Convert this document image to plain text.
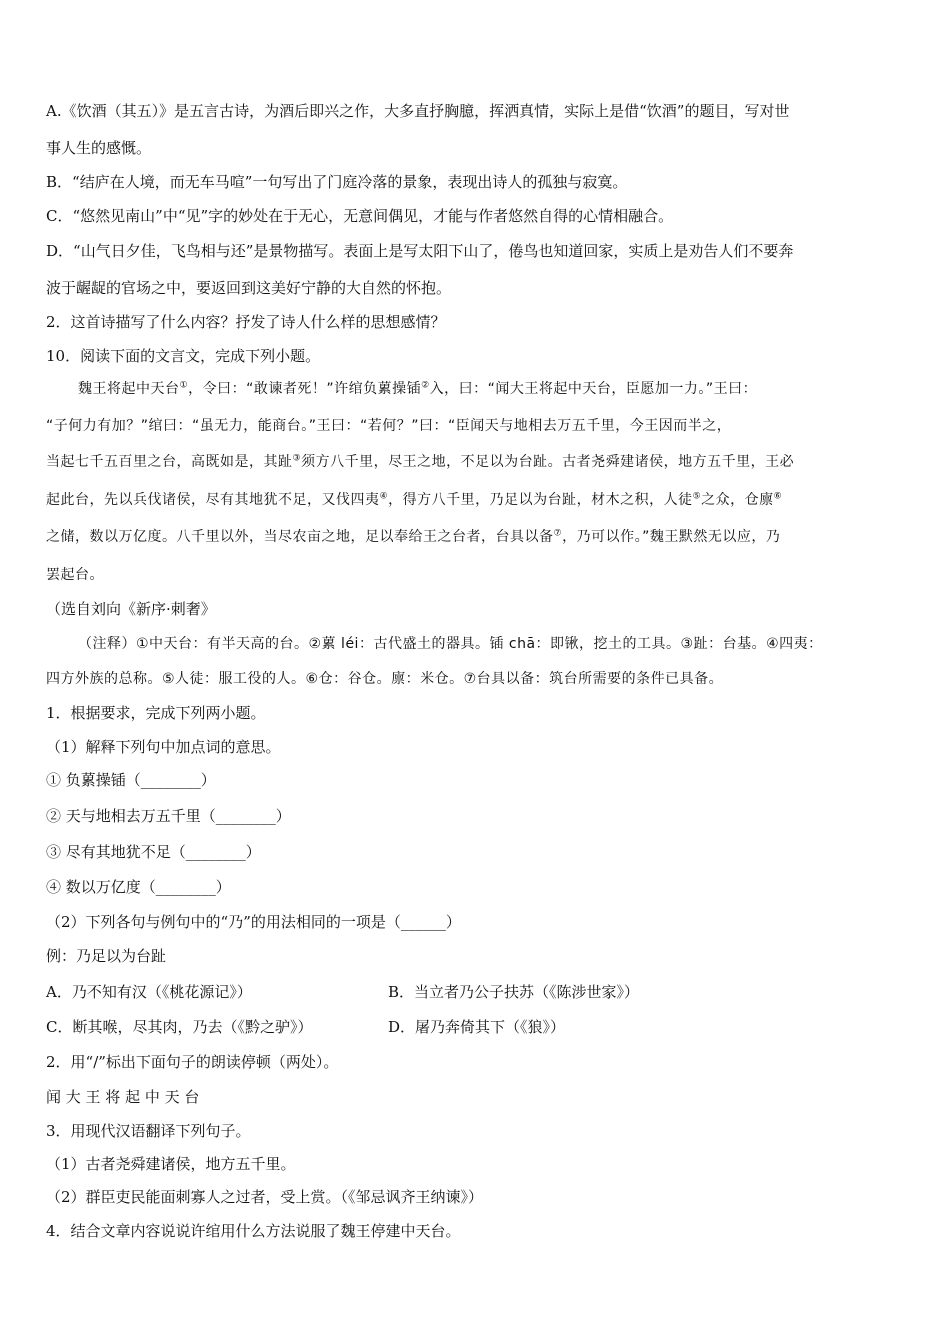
A.《饮酒（其五）》是五言古诗，为酒后即兴之作，大多直抒胸臆，挥洒真情，实际上是借“饮酒”的题目，写对世
事人生的感慨。
B．“结庐在人境，而无车马喧”一句写出了门庭冷落的景象，表现出诗人的孤独与寂寞。
C．“悠然见南山”中“见”字的妙处在于无心，无意间偶见，才能与作者悠然自得的心情相融合。
D．“山气日夕佳，飞鸟相与还”是景物描写。表面上是写太阳下山了，倦鸟也知道回家，实质上是劝告人们不要奔
波于龌龊的官场之中，要返回到这美好宁静的大自然的怀抱。
2．这首诗描写了什么内容？抒发了诗人什么样的思想感情？
10．阅读下面的文言文，完成下列小题。
魏王将起中天台①，令曰：“敢谏者死！”许绾负蔂操锸②入，曰：“闻大王将起中天台，臣愿加一力。”王曰：
“子何力有加？”绾曰：“虽无力，能商台。”王曰：“若何？”曰：“臣闻天与地相去万五千里，今王因而半之，
当起七千五百里之台，高既如是，其趾③须方八千里，尽王之地，不足以为台趾。古者尧舜建诸侯，地方五千里，王必
起此台，先以兵伐诸侯，尽有其地犹不足，又伐四夷④，得方八千里，乃足以为台趾，材木之积，人徒⑤之众，仓廪⑥
之储，数以万亿度。八千里以外，当尽农亩之地，足以奉给王之台者，台具以备⑦，乃可以作。”魏王默然无以应，乃
罢起台。
（选自刘向《新序·刺奢》
（注释）①中天台：有半天高的台。②蔂 léi：古代盛土的器具。锸 chā：即锹，挖土的工具。③趾：台基。④四夷：
四方外族的总称。⑤人徒：服工役的人。⑥仓：谷仓。廪：米仓。⑦台具以备：筑台所需要的条件已具备。
1．根据要求，完成下列两小题。
（1）解释下列句中加点词的意思。
① 负蔂操锸（________）
② 天与地相去万五千里（________）
③ 尽有其地犹不足（________）
④ 数以万亿度（________）
（2）下列各句与例句中的“乃”的用法相同的一项是（______）
例：乃足以为台趾
A．乃不知有汉（《桃花源记》）	B．当立者乃公子扶苏（《陈涉世家》）
C．断其喉，尽其肉，乃去（《黔之驴》）	D．屠乃奔倚其下（《狼》）
2．用“/”标出下面句子的朗读停顿（两处）。
闻 大 王 将 起 中 天 台
3．用现代汉语翻译下列句子。
（1）古者尧舜建诸侯，地方五千里。
（2）群臣吏民能面刺寡人之过者，受上赏。（《邹忌讽齐王纳谏》）
4．结合文章内容说说许绾用什么方法说服了魏王停建中天台。
